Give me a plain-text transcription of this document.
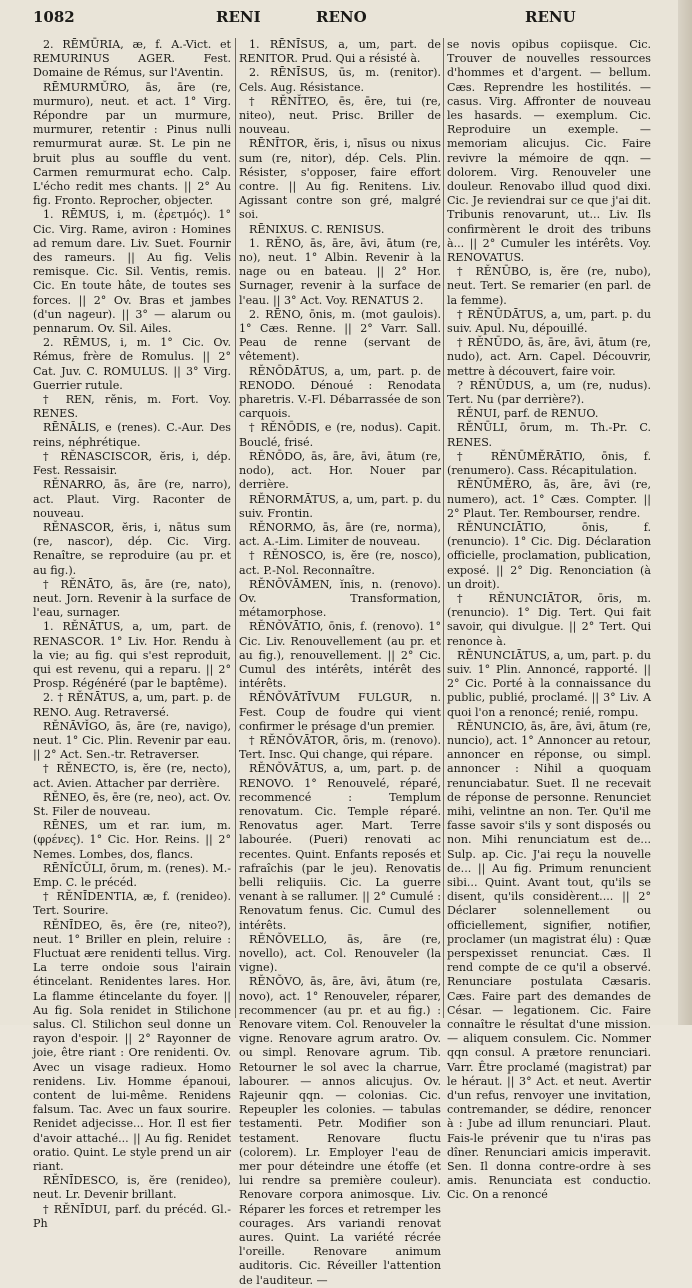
1082	RENI	RENO	RENU

2. RĒMŪRIA, æ, f. A.-Vict. et REMURINUS AGER. Fest. Domaine de Rémus, sur l'Aventin.

RĒMURMŬRO, ās, āre (re, murmuro), neut. et act. 1° Virg. Répondre par un murmure, murmurer, retentir : Pinus nulli remurmurat auræ. St. Le pin ne bruit plus au souffle du vent. Carmen remurmurat echo. Calp. L'écho redit mes chants. || 2° Au fig. Fronto. Reprocher, objecter.

1. RĒMUS, i, m. (ἐρετμός). 1° Cic. Virg. Rame, aviron : Homines ad remum dare. Liv. Suet. Fournir des rameurs. || Au fig. Velis remisque. Cic. Sil. Ventis, remis. Cic. En toute hâte, de toutes ses forces. || 2° Ov. Bras et jambes (d'un nageur). || 3° — alarum ou pennarum. Ov. Sil. Ailes.

2. RĒMUS, i, m. 1° Cic. Ov. Rémus, frère de Romulus. || 2° Cat. Juv. C. ROMULUS. || 3° Virg. Guerrier rutule.

† REN, rĕnis, m. Fort. Voy. RENES.

RĒNĀLIS, e (renes). C.-Aur. Des reins, néphrétique.

† RĔNASCISCOR, ĕris, i, dép. Fest. Ressaisir.

RĔNARRO, ās, āre (re, narro), act. Plaut. Virg. Raconter de nouveau.

RĔNASCOR, ĕris, i, nātus sum (re, nascor), dép. Cic. Virg. Renaître, se reproduire (au pr. et au fig.).

† RĔNĀTO, ās, āre (re, nato), neut. Jorn. Revenir à la surface de l'eau, surnager.

1. RĔNĀTUS, a, um, part. de RENASCOR. 1° Liv. Hor. Rendu à la vie; au fig. qui s'est reproduit, qui est revenu, qui a reparu. || 2° Prosp. Régénéré (par le baptême).

2. † RĔNĀTUS, a, um, part. p. de RENO. Aug. Retraversé.

RĔNĀVĬGO, ās, āre (re, navigo), neut. 1° Cic. Plin. Revenir par eau. || 2° Act. Sen.-tr. Retraverser.

† RĔNECTO, is, ĕre (re, necto), act. Avien. Attacher par derrière.

RĔNEO, ēs, ēre (re, neo), act. Ov. St. Filer de nouveau.

RĒNES, um et rar. ium, m. (φρένες). 1° Cic. Hor. Reins. || 2° Nemes. Lombes, dos, flancs.

RĒNĬCŬLI, ōrum, m. (renes). M.-Emp. C. le précéd.

† RĔNĪDENTIA, æ, f. (renideo). Tert. Sourire.

RĔNĪDEO, ēs, ēre (re, niteo?), neut. 1° Briller en plein, reluire : Fluctuat ære renidenti tellus. Virg. La terre ondoie sous l'airain étincelant. Renidentes lares. Hor. La flamme étincelante du foyer. || Au fig. Sola renidet in Stilichone salus. Cl. Stilichon seul donne un rayon d'espoir. || 2° Rayonner de joie, être riant : Ore renidenti. Ov. Avec un visage radieux. Homo renidens. Liv. Homme épanoui, content de lui-même. Renidens falsum. Tac. Avec un faux sourire. Renidet adjecisse... Hor. Il est fier d'avoir attaché... || Au fig. Renidet oratio. Quint. Le style prend un air riant.

RĔNĪDESCO, is, ĕre (renideo), neut. Lr. Devenir brillant.

† RĔNĪDUI, parf. du précéd. Gl.-Ph

1. RĒNĪSUS, a, um, part. de RENITOR. Prud. Qui a résisté à.

2. RĒNĪSUS, ūs, m. (renitor). Cels. Aug. Résistance.

† RĔNĬTEO, ēs, ēre, tui (re, niteo), neut. Prisc. Briller de nouveau.

RĒNĪTOR, ĕris, i, nīsus ou nixus sum (re, nitor), dép. Cels. Plin. Résister, s'opposer, faire effort contre. || Au fig. Renitens. Liv. Agissant contre son gré, malgré soi.

RĒNIXUS. C. RENISUS.

1. RĔNO, ās, āre, āvi, ātum (re, no), neut. 1° Albin. Revenir à la nage ou en bateau. || 2° Hor. Surnager, revenir à la surface de l'eau. || 3° Act. Voy. RENATUS 2.

2. RĒNO, ōnis, m. (mot gaulois). 1° Cæs. Renne. || 2° Varr. Sall. Peau de renne (servant de vêtement).

RĔNŌDĀTUS, a, um, part. p. de RENODO. Dénoué : Renodata pharetris. V.-Fl. Débarrassée de son carquois.

† RĔNŌDIS, e (re, nodus). Capit. Bouclé, frisé.

RĔNŌDO, ās, āre, āvi, ātum (re, nodo), act. Hor. Nouer par derrière.

RĔNORMĀTUS, a, um, part. p. du suiv. Frontin.

RĔNORMO, ās, āre (re, norma), act. A.-Lim. Limiter de nouveau.

† RĔNOSCO, is, ĕre (re, nosco), act. P.-Nol. Reconnaître.

RĔNŌVĀMEN, ĭnis, n. (renovo). Ov. Transformation, métamorphose.

RĔNŎVĀTIO, ōnis, f. (renovo). 1° Cic. Liv. Renouvellement (au pr. et au fig.), renouvellement. || 2° Cic. Cumul des intérêts, intérêt des intérêts.

RĔNŎVĀTĪVUM FULGUR, n. Fest. Coup de foudre qui vient confirmer le présage d'un premier.

† RĔNŎVĀTOR, ōris, m. (renovo). Tert. Insc. Qui change, qui répare.

RĔNŎVĀTUS, a, um, part. p. de RENOVO. 1° Renouvelé, réparé, recommencé : Templum renovatum. Cic. Temple réparé. Renovatus ager. Mart. Terre labourée. (Pueri) renovati ac recentes. Quint. Enfants reposés et rafraîchis (par le jeu). Renovatis belli reliquiis. Cic. La guerre venant à se rallumer. || 2° Cumulé : Renovatum fenus. Cic. Cumul des intérêts.

RĔNŎVELLO, ās, āre (re, novello), act. Col. Renouveler (la vigne).

RĔNŎVO, ās, āre, āvi, ātum (re, novo), act. 1° Renouveler, réparer, recommencer (au pr. et au fig.) : Renovare vitem. Col. Renouveler la vigne. Renovare agrum aratro. Ov. ou simpl. Renovare agrum. Tib. Retourner le sol avec la charrue, labourer. — annos alicujus. Ov. Rajeunir qqn. — colonias. Cic. Repeupler les colonies. — tabulas testamenti. Petr. Modifier son testament. Renovare fluctu (colorem). Lr. Employer l'eau de mer pour déteindre une étoffe (et lui rendre sa première couleur). Renovare corpora animosque. Liv. Réparer les forces et retremper les courages. Ars variandi renovat aures. Quint. La variété récrée l'oreille. Renovare animum auditoris. Cic. Réveiller l'attention de l'auditeur. —

se novis opibus copiisque. Cic. Trouver de nouvelles ressources d'hommes et d'argent. — bellum. Cæs. Reprendre les hostilités. — casus. Virg. Affronter de nouveau les hasards. — exemplum. Cic. Reproduire un exemple. — memoriam alicujus. Cic. Faire revivre la mémoire de qqn. — dolorem. Virg. Renouveler une douleur. Renovabo illud quod dixi. Cic. Je reviendrai sur ce que j'ai dit. Tribunis renovarunt, ut... Liv. Ils confirmèrent le droit des tribuns à... || 2° Cumuler les intérêts. Voy. RENOVATUS.

† RĔNŪBO, is, ĕre (re, nubo), neut. Tert. Se remarier (en parl. de la femme).

† RĔNŪDĀTUS, a, um, part. p. du suiv. Apul. Nu, dépouillé.

† RĔNŪDO, ās, āre, āvi, ātum (re, nudo), act. Arn. Capel. Découvrir, mettre à découvert, faire voir.

? RĔNŪDUS, a, um (re, nudus). Tert. Nu (par derrière?).

RĔNUI, parf. de RENUO.

RĔNŪLI, ōrum, m. Th.-Pr. C. RENES.

† RĔNŪMĔRĀTIO, ōnis, f. (renumero). Cass. Récapitulation.

RĔNŪMĔRO, ās, āre, āvi (re, numero), act. 1° Cæs. Compter. || 2° Plaut. Ter. Rembourser, rendre.

RĔNUNCIĀTIO, ōnis, f. (renuncio). 1° Cic. Dig. Déclaration officielle, proclamation, publication, exposé. || 2° Dig. Renonciation (à un droit).

† RĔNUNCIĀTOR, ōris, m. (renuncio). 1° Dig. Tert. Qui fait savoir, qui divulgue. || 2° Tert. Qui renonce à.

RĔNUNCIĀTUS, a, um, part. p. du suiv. 1° Plin. Annoncé, rapporté. || 2° Cic. Porté à la connaissance du public, publié, proclamé. || 3° Liv. A quoi l'on a renoncé; renié, rompu.

RĔNUNCIO, ās, āre, āvi, ātum (re, nuncio), act. 1° Annoncer au retour, annoncer en réponse, ou simpl. annoncer : Nihil a quoquam renunciabatur. Suet. Il ne recevait de réponse de personne. Renunciet mihi, velintne an non. Ter. Qu'il me fasse savoir s'ils y sont disposés ou non. Mihi renunciatum est de... Sulp. ap. Cic. J'ai reçu la nouvelle de... || Au fig. Primum renuncient sibi... Quint. Avant tout, qu'ils se disent, qu'ils considèrent.... || 2° Déclarer solennellement ou officiellement, signifier, notifier, proclamer (un magistrat élu) : Quæ perspexisset renunciat. Cæs. Il rend compte de ce qu'il a observé. Renunciare postulata Cæsaris. Cæs. Faire part des demandes de César. — legationem. Cic. Faire connaître le résultat d'une mission. — aliquem consulem. Cic. Nommer qqn consul. A prætore renunciari. Varr. Être proclamé (magistrat) par le héraut. || 3° Act. et neut. Avertir d'un refus, renvoyer une invitation, contremander, se dédire, renoncer à : Jube ad illum renunciari. Plaut. Fais-le prévenir que tu n'iras pas dîner. Renunciari amicis imperavit. Sen. Il donna contre-ordre à ses amis. Renunciata est conductio. Cic. On a renoncé
